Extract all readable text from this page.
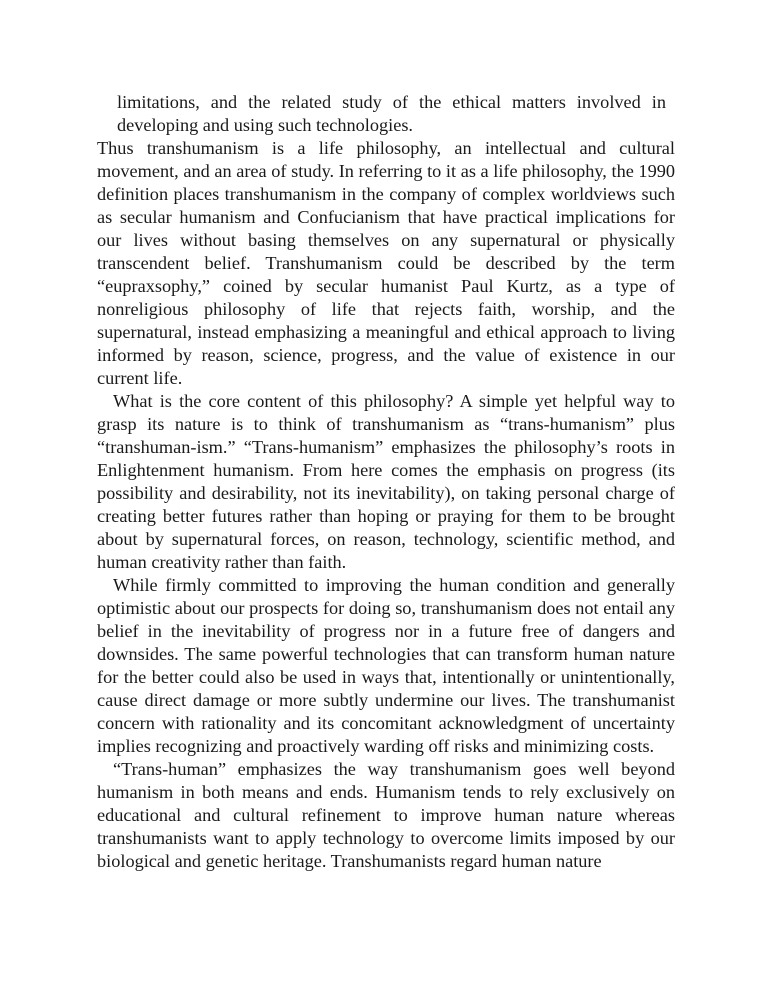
limitations, and the related study of the ethical matters involved in developing and using such technologies.

Thus transhumanism is a life philosophy, an intellectual and cultural movement, and an area of study. In referring to it as a life philosophy, the 1990 definition places transhumanism in the company of complex worldviews such as secular humanism and Confucianism that have practical implications for our lives without basing themselves on any supernatural or physically transcendent belief. Transhumanism could be described by the term “eupraxsophy,” coined by secular humanist Paul Kurtz, as a type of nonreligious philosophy of life that rejects faith, worship, and the supernatural, instead emphasizing a meaningful and ethical approach to living informed by reason, science, progress, and the value of existence in our current life.

What is the core content of this philosophy? A simple yet helpful way to grasp its nature is to think of transhumanism as “trans-humanism” plus “transhuman-ism.” “Trans-humanism” emphasizes the philosophy’s roots in Enlightenment humanism. From here comes the emphasis on progress (its possibility and desirability, not its inevitability), on taking personal charge of creating better futures rather than hoping or praying for them to be brought about by supernatural forces, on reason, technology, scientific method, and human creativity rather than faith.

While firmly committed to improving the human condition and generally optimistic about our prospects for doing so, transhumanism does not entail any belief in the inevitability of progress nor in a future free of dangers and downsides. The same powerful technologies that can transform human nature for the better could also be used in ways that, intentionally or unintentionally, cause direct damage or more subtly undermine our lives. The transhumanist concern with rationality and its concomitant acknowledgment of uncertainty implies recognizing and proactively warding off risks and minimizing costs.

“Trans-human” emphasizes the way transhumanism goes well beyond humanism in both means and ends. Humanism tends to rely exclusively on educational and cultural refinement to improve human nature whereas transhumanists want to apply technology to overcome limits imposed by our biological and genetic heritage. Transhumanists regard human nature
